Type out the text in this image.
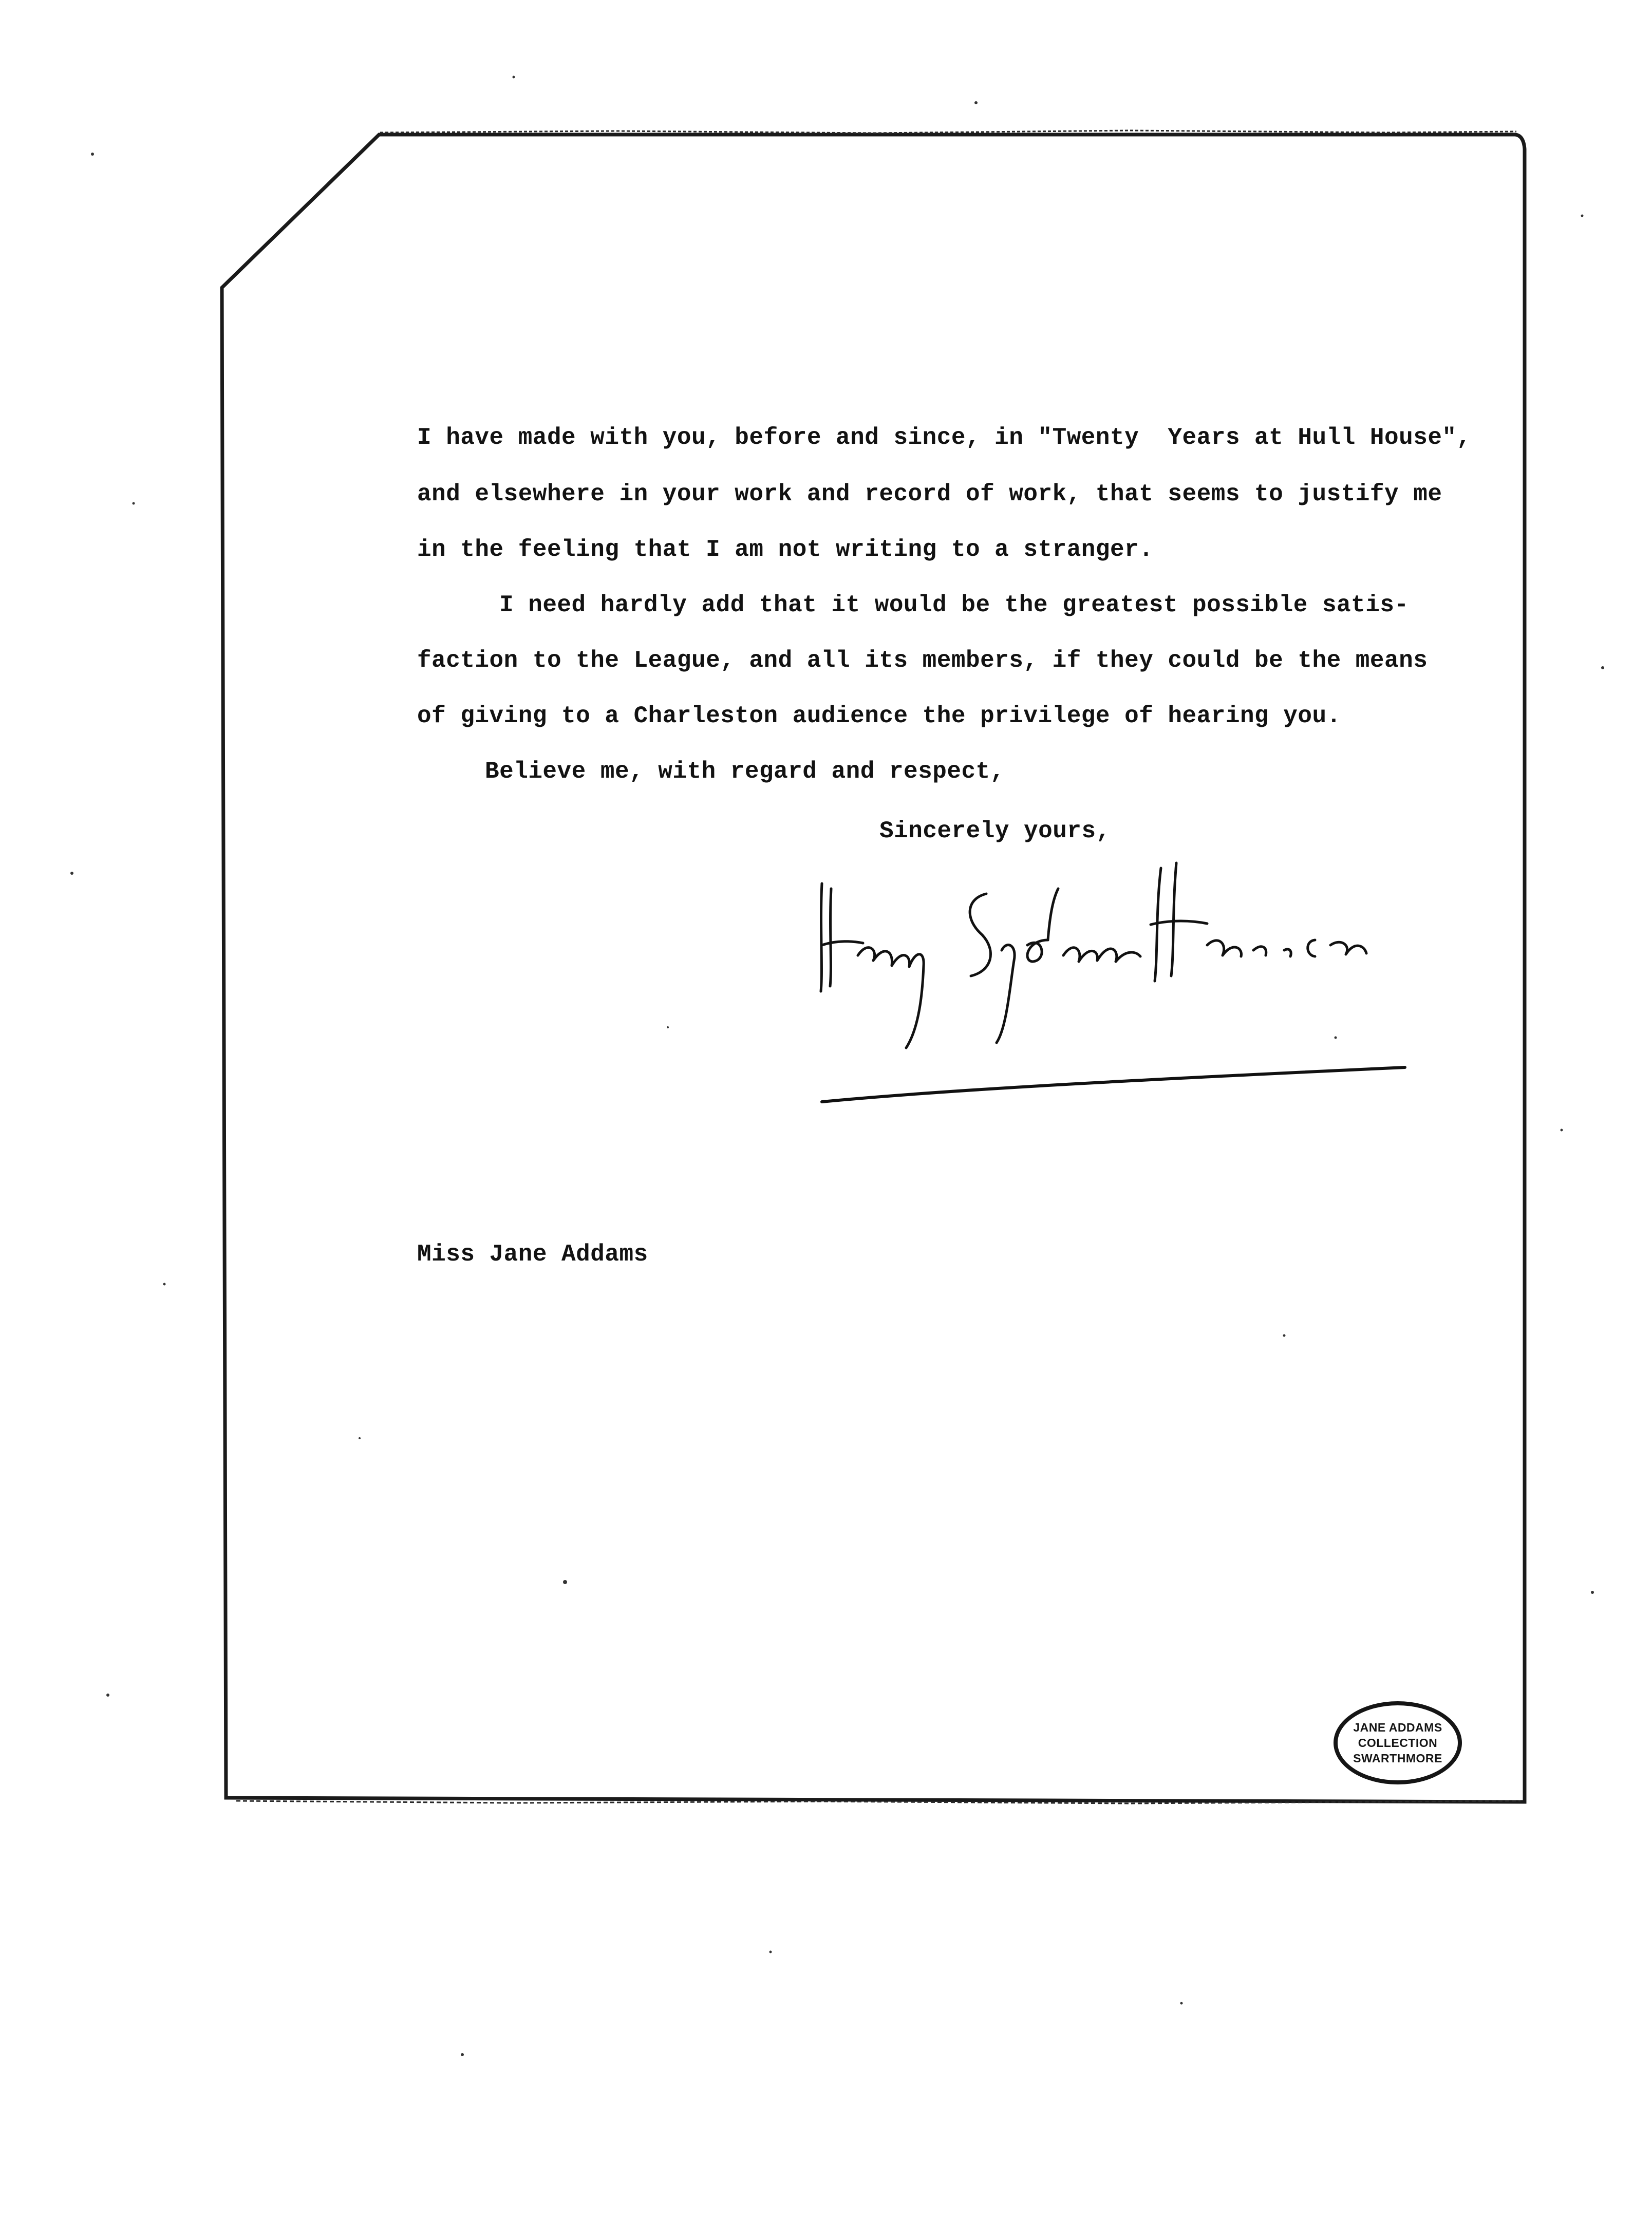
I have made with you, before and since, in "Twenty  Years at Hull House",
and elsewhere in your work and record of work, that seems to justify me
in the feeling that I am not writing to a stranger.
I need hardly add that it would be the greatest possible satis-
faction to the League, and all its members, if they could be the means
of giving to a Charleston audience the privilege of hearing you.
Believe me, with regard and respect,
Sincerely yours,
Miss Jane Addams
JANE ADDAMS
COLLECTION
SWARTHMORE
